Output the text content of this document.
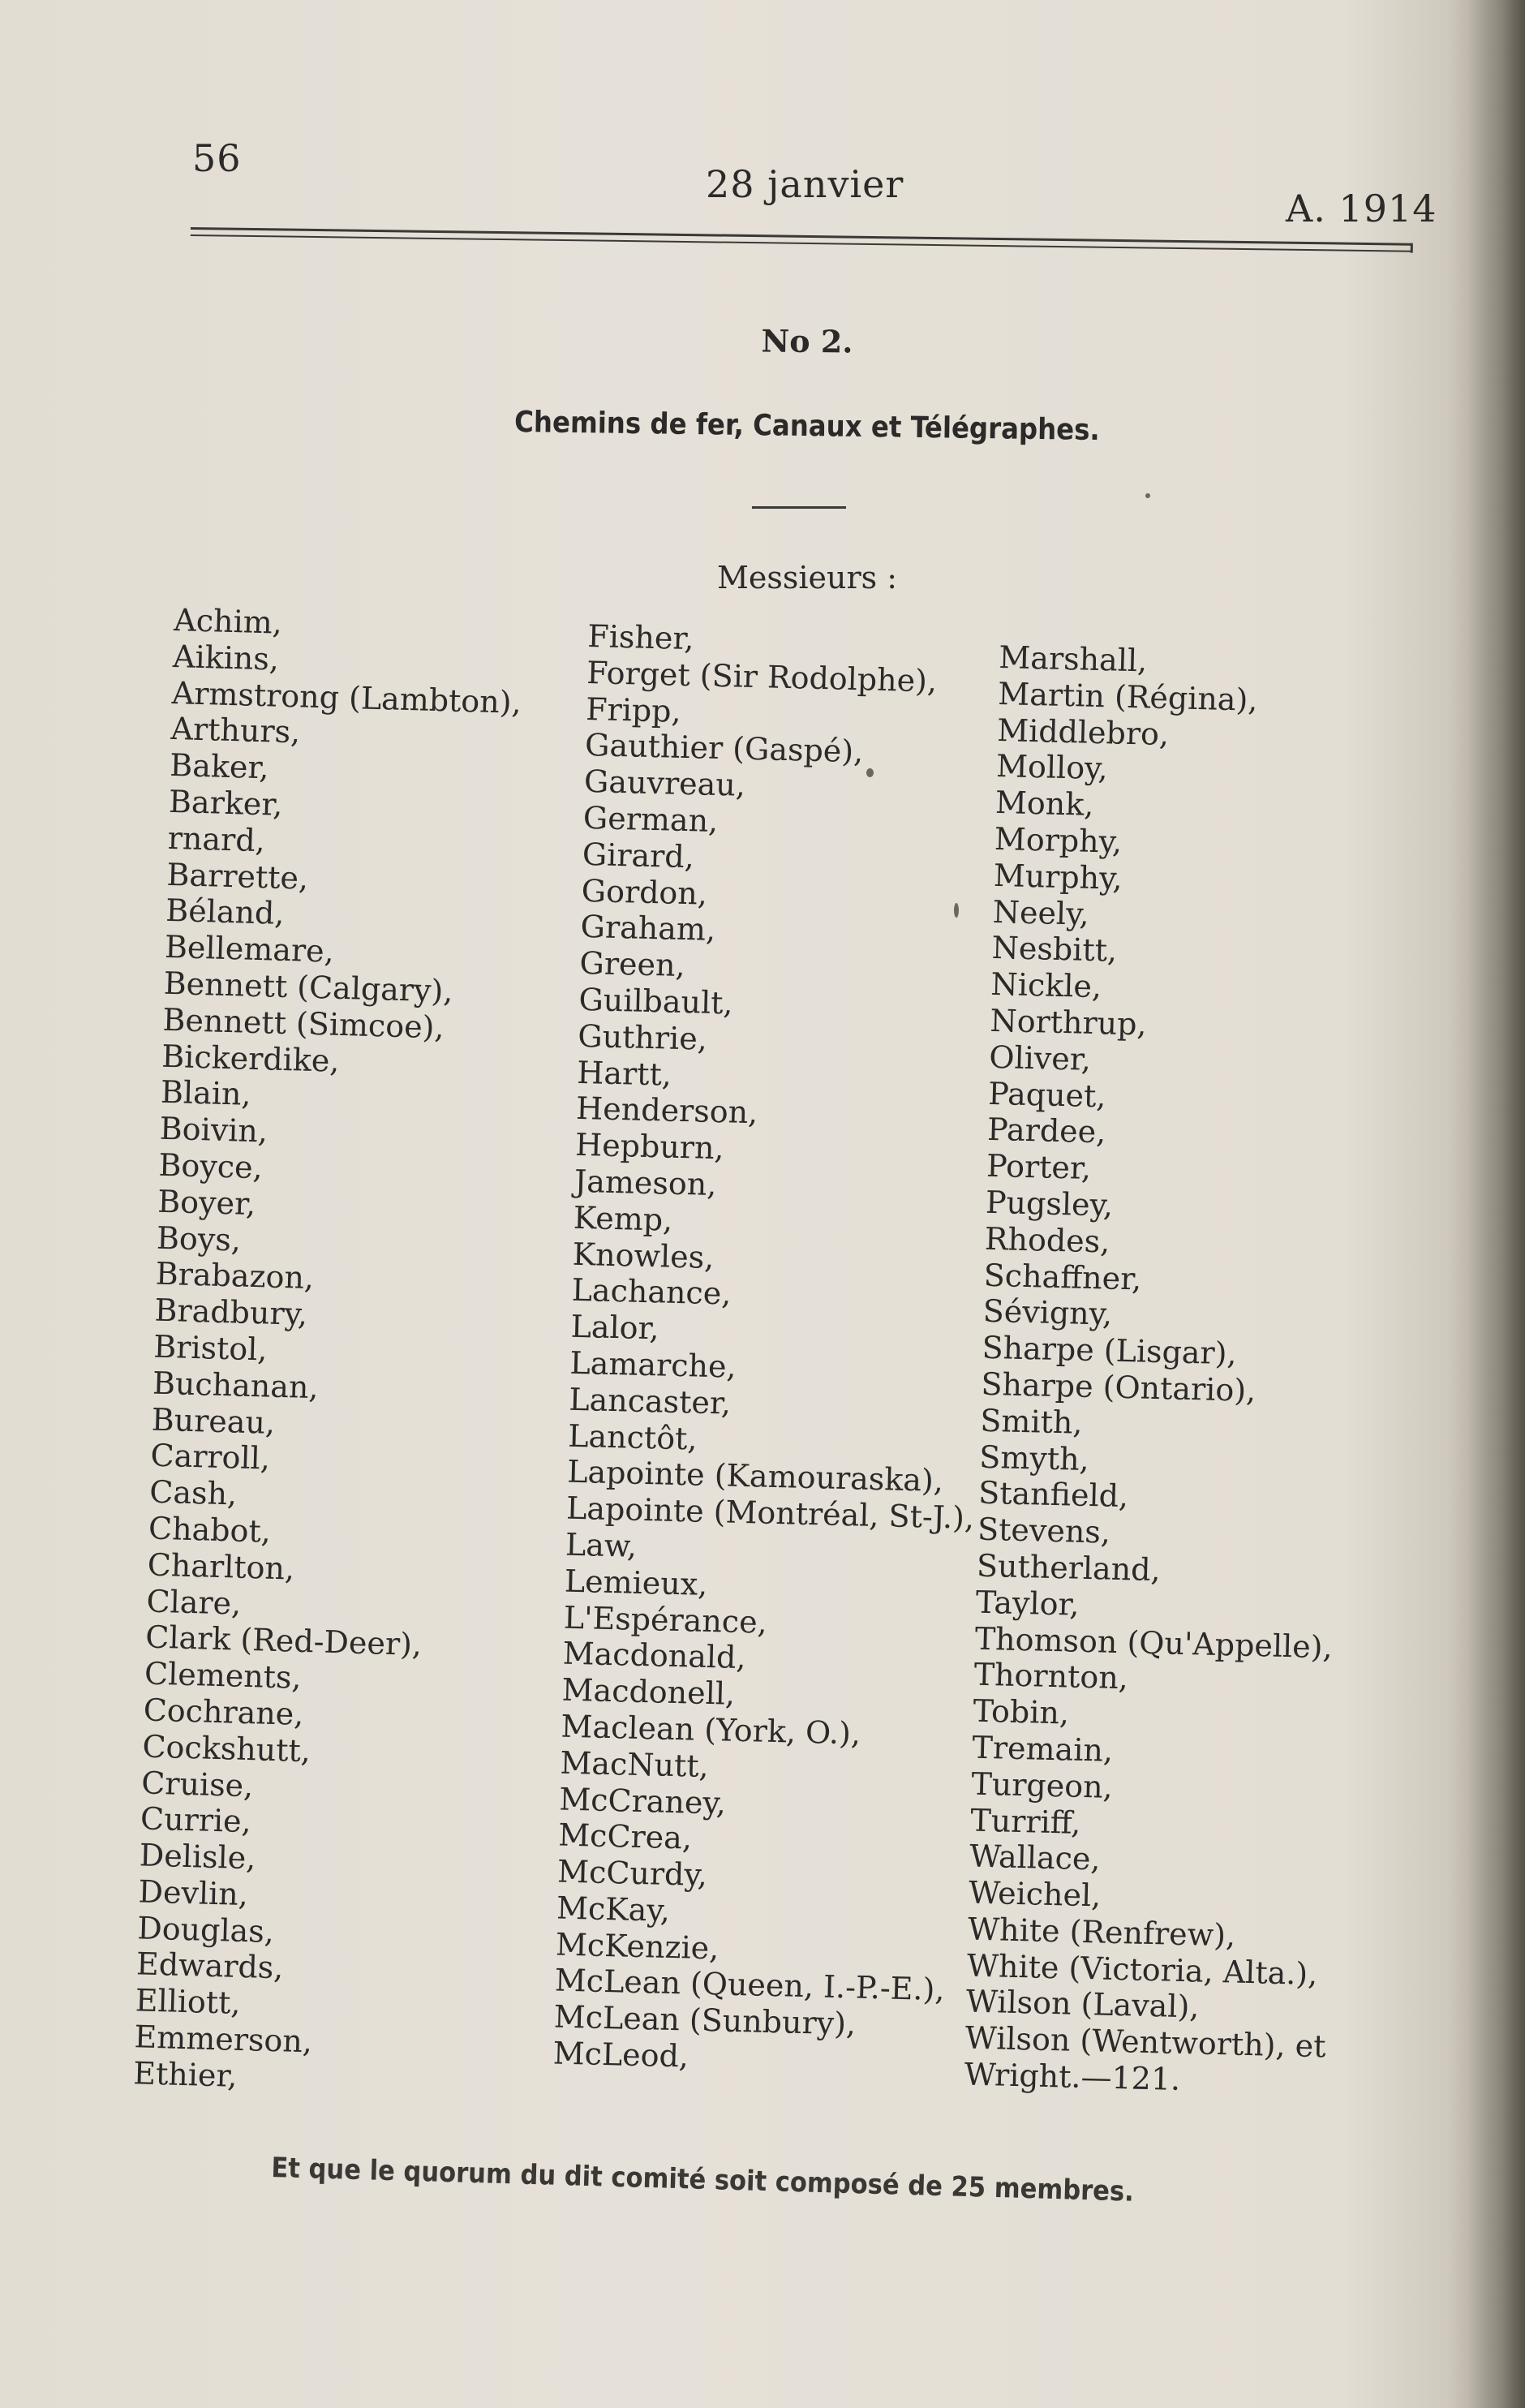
56
28 janvier
A. 1914
No 2.
Chemins de fer, Canaux et Télégraphes.
Messieurs :
Achim,
Aikins,
Armstrong (Lambton),
Arthurs,
Baker,
Barker,
rnard,
Barrette,
Béland,
Bellemare,
Bennett (Calgary),
Bennett (Simcoe),
Bickerdike,
Blain,
Boivin,
Boyce,
Boyer,
Boys,
Brabazon,
Bradbury,
Bristol,
Buchanan,
Bureau,
Carroll,
Cash,
Chabot,
Charlton,
Clare,
Clark (Red-Deer),
Clements,
Cochrane,
Cockshutt,
Cruise,
Currie,
Delisle,
Devlin,
Douglas,
Edwards,
Elliott,
Emmerson,
Ethier,
Fisher,
Forget (Sir Rodolphe),
Fripp,
Gauthier (Gaspé),
Gauvreau,
German,
Girard,
Gordon,
Graham,
Green,
Guilbault,
Guthrie,
Hartt,
Henderson,
Hepburn,
Jameson,
Kemp,
Knowles,
Lachance,
Lalor,
Lamarche,
Lancaster,
Lanctôt,
Lapointe (Kamouraska),
Lapointe (Montréal, St-J.),
Law,
Lemieux,
L'Espérance,
Macdonald,
Macdonell,
Maclean (York, O.),
MacNutt,
McCraney,
McCrea,
McCurdy,
McKay,
McKenzie,
McLean (Queen, I.-P.-E.),
McLean (Sunbury),
McLeod,
Marshall,
Martin (Régina),
Middlebro,
Molloy,
Monk,
Morphy,
Murphy,
Neely,
Nesbitt,
Nickle,
Northrup,
Oliver,
Paquet,
Pardee,
Porter,
Pugsley,
Rhodes,
Schaffner,
Sévigny,
Sharpe (Lisgar),
Sharpe (Ontario),
Smith,
Smyth,
Stanfield,
Stevens,
Sutherland,
Taylor,
Thomson (Qu'Appelle),
Thornton,
Tobin,
Tremain,
Turgeon,
Turriff,
Wallace,
Weichel,
White (Renfrew),
White (Victoria, Alta.),
Wilson (Laval),
Wilson (Wentworth), et
Wright.—121.
Et que le quorum du dit comité soit composé de 25 membres.
